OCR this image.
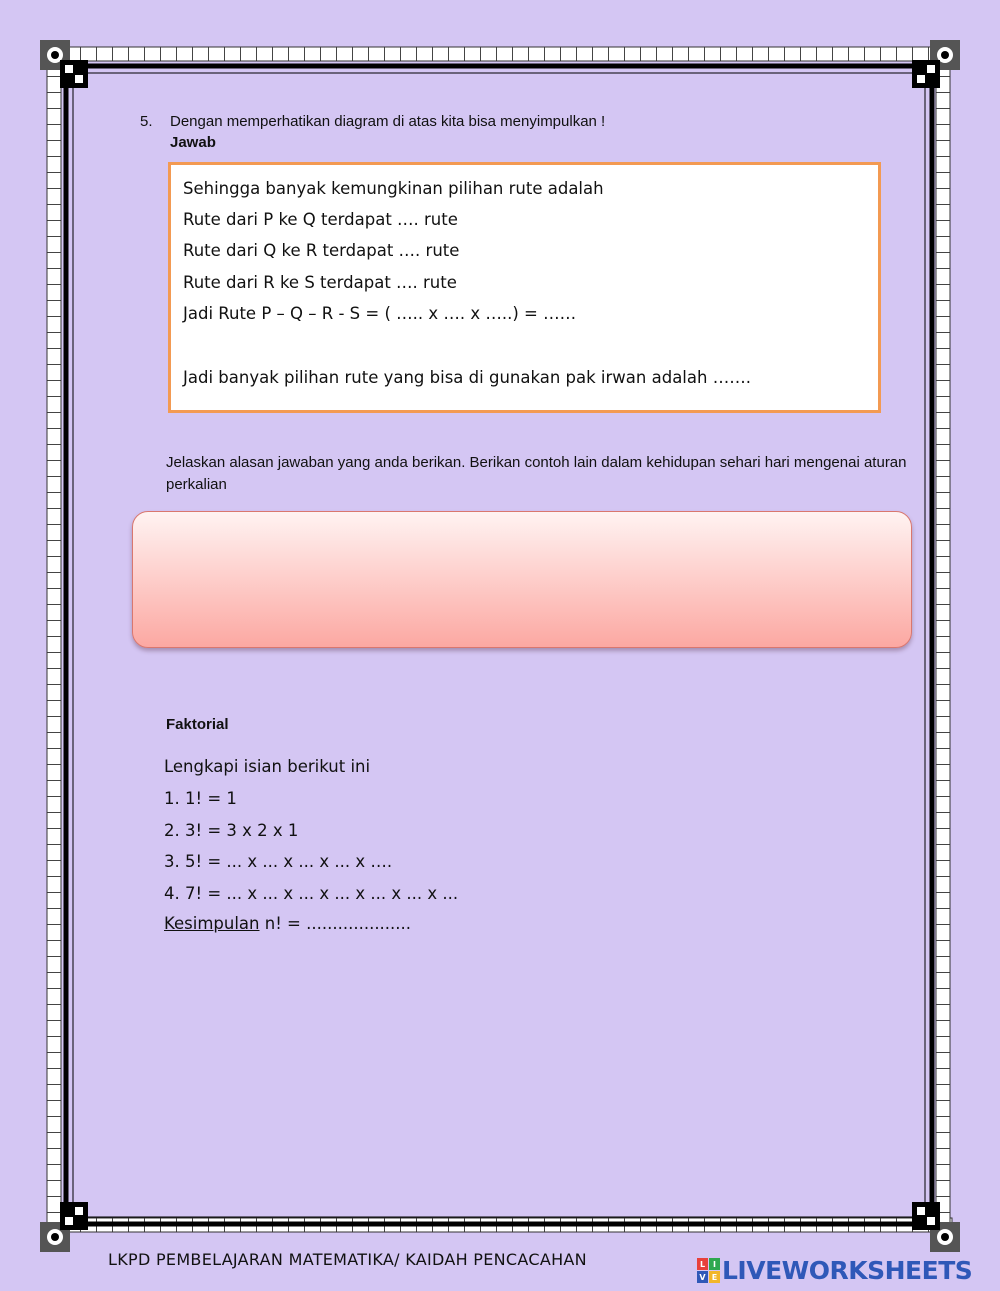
5. Dengan memperhatikan diagram di atas kita bisa menyimpulkan !
Jawab
Sehingga banyak kemungkinan pilihan rute adalah
Rute dari P ke Q terdapat …. rute
Rute dari Q ke R terdapat …. rute
Rute dari R ke S terdapat …. rute
Jadi Rute P – Q – R - S = ( ….. x …. x …..) = ……
Jadi banyak pilihan rute yang bisa di gunakan pak irwan adalah …….
Jelaskan alasan jawaban yang anda berikan. Berikan contoh lain dalam kehidupan sehari hari mengenai aturan perkalian
Faktorial
Lengkapi isian berikut ini
1. 1! = 1
2. 3! = 3 x 2 x 1
3. 5! = ... x ... x ... x ... x ….
4. 7! = ... x ... x ... x ... x ... x ... x ...
Kesimpulan n! = ....................
LKPD PEMBELAJARAN MATEMATIKA/ KAIDAH PENCACAHAN	L I
V E LIVEWORKSHEETS
